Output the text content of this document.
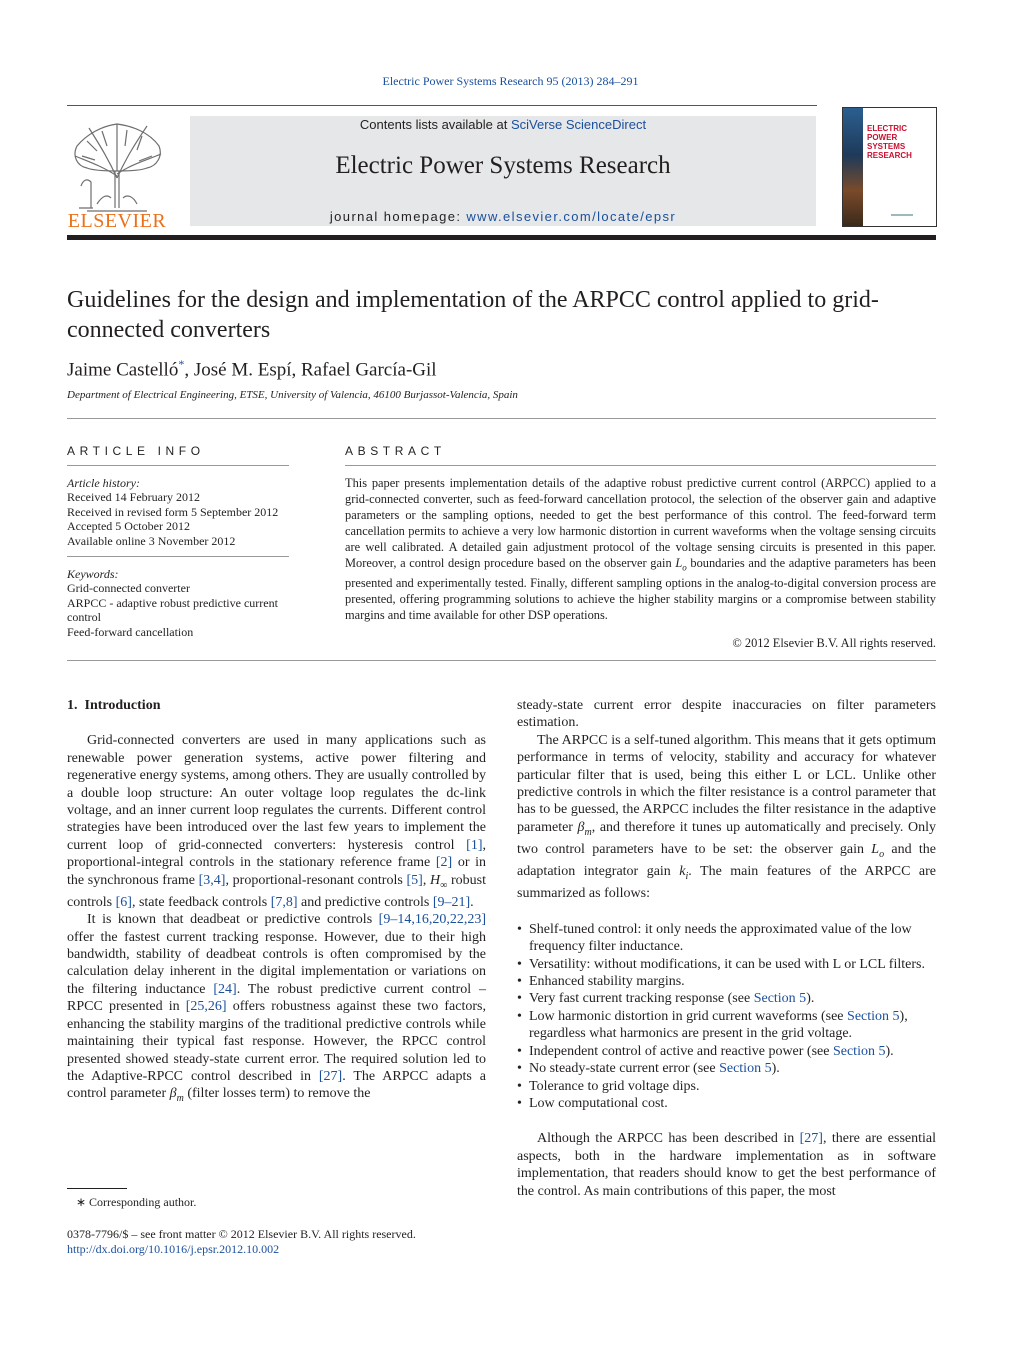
Electric Power Systems Research 95 (2013) 284–291
ELSEVIER
Contents lists available at SciVerse ScienceDirect
Electric Power Systems Research
journal homepage: www.elsevier.com/locate/epsr
ELECTRIC POWER SYSTEMS RESEARCH
Guidelines for the design and implementation of the ARPCC control applied to grid-connected converters
Jaime Castelló*, José M. Espí, Rafael García-Gil
Department of Electrical Engineering, ETSE, University of Valencia, 46100 Burjassot-Valencia, Spain
ARTICLE INFO
Article history:
Received 14 February 2012
Received in revised form 5 September 2012
Accepted 5 October 2012
Available online 3 November 2012
Keywords:
Grid-connected converter
ARPCC - adaptive robust predictive current control
Feed-forward cancellation
ABSTRACT
This paper presents implementation details of the adaptive robust predictive current control (ARPCC) applied to a grid-connected converter, such as feed-forward cancellation protocol, the selection of the observer gain and adaptive parameters or the sampling options, needed to get the best performance of this control. The feed-forward term cancellation permits to achieve a very low harmonic distortion in current waveforms when the voltage sensing circuits are well calibrated. A detailed gain adjustment protocol of the voltage sensing circuits is presented in this paper. Moreover, a control design procedure based on the observer gain $L_o$ boundaries and the adaptive parameters has been presented and experimentally tested. Finally, different sampling options in the analog-to-digital conversion process are presented, offering programming solutions to achieve the higher stability margins or a compromise between stability margins and time available for other DSP operations.
© 2012 Elsevier B.V. All rights reserved.
1.  Introduction

Grid-connected converters are used in many applications such as renewable power generation systems, active power filtering and regenerative energy systems, among others. They are usually controlled by a double loop structure: An outer voltage loop regulates the dc-link voltage, and an inner current loop regulates the currents. Different control strategies have been introduced over the last few years to implement the current loop of grid-connected converters: hysteresis control [1], proportional-integral controls in the stationary reference frame [2] or in the synchronous frame [3,4], proportional-resonant controls [5], $H_\infty$ robust controls [6], state feedback controls [7,8] and predictive controls [9–21].

It is known that deadbeat or predictive controls [9–14,16,20,22,23] offer the fastest current tracking response. However, due to their high bandwidth, stability of deadbeat controls is often compromised by the calculation delay inherent in the digital implementation or variations on the filtering inductance [24]. The robust predictive current control – RPCC presented in [25,26] offers robustness against these two factors, enhancing the stability margins of the traditional predictive controls while maintaining their typical fast response. However, the RPCC control presented showed steady-state current error. The required solution led to the Adaptive-RPCC control described in [27]. The ARPCC adapts a control parameter $\beta_m$ (filter losses term) to remove the

steady-state current error despite inaccuracies on filter parameters estimation.

The ARPCC is a self-tuned algorithm. This means that it gets optimum performance in terms of velocity, stability and accuracy for whatever particular filter that is used, being this either L or LCL. Unlike other predictive controls in which the filter resistance is a control parameter that has to be guessed, the ARPCC includes the filter resistance in the adaptive parameter $\beta_m$, and therefore it tunes up automatically and precisely. Only two control parameters have to be set: the observer gain $L_o$ and the adaptation integrator gain $k_i$. The main features of the ARPCC are summarized as follows:

• Shelf-tuned control: it only needs the approximated value of the low frequency filter inductance.
• Versatility: without modifications, it can be used with L or LCL filters.
• Enhanced stability margins.
• Very fast current tracking response (see Section 5).
• Low harmonic distortion in grid current waveforms (see Section 5), regardless what harmonics are present in the grid voltage.
• Independent control of active and reactive power (see Section 5).
• No steady-state current error (see Section 5).
• Tolerance to grid voltage dips.
• Low computational cost.

Although the ARPCC has been described in [27], there are essential aspects, both in the hardware implementation as in software implementation, that readers should know to get the best performance of the control. As main contributions of this paper, the most

∗ Corresponding author.
0378-7796/$ – see front matter © 2012 Elsevier B.V. All rights reserved.
http://dx.doi.org/10.1016/j.epsr.2012.10.002
